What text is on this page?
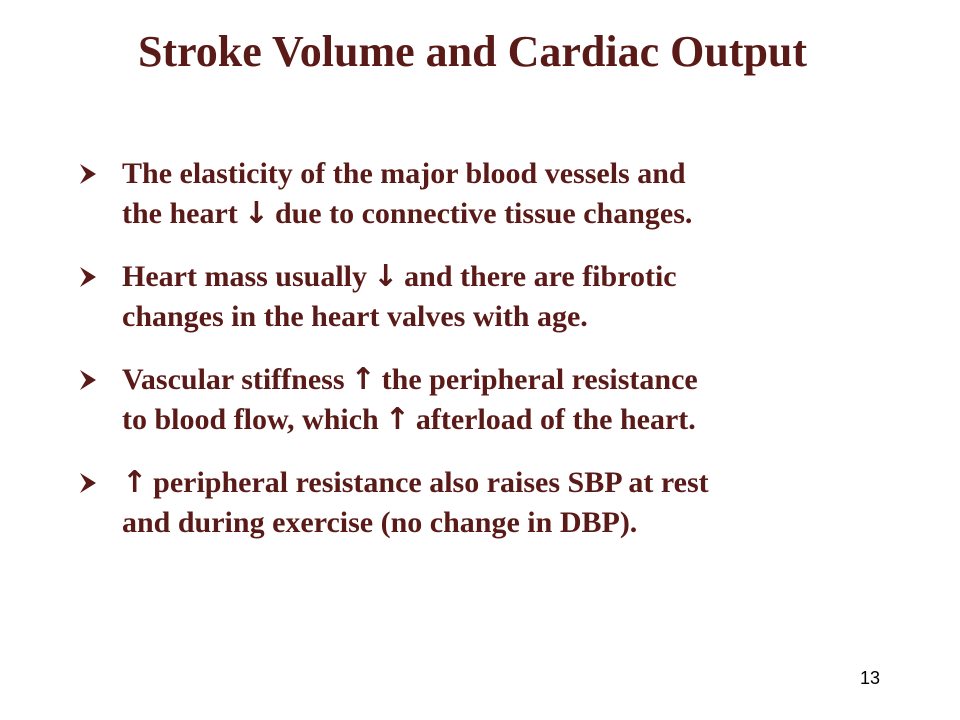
Stroke Volume and Cardiac Output
The elasticity of the major blood vessels and
the heart ↓ due to connective tissue changes.
Heart mass usually ↓ and there are fibrotic
changes in the heart valves with age.
Vascular stiffness ↑ the peripheral resistance
to blood flow, which ↑ afterload of the heart.
↑ peripheral resistance also raises SBP at rest
and during exercise (no change in DBP).
13
